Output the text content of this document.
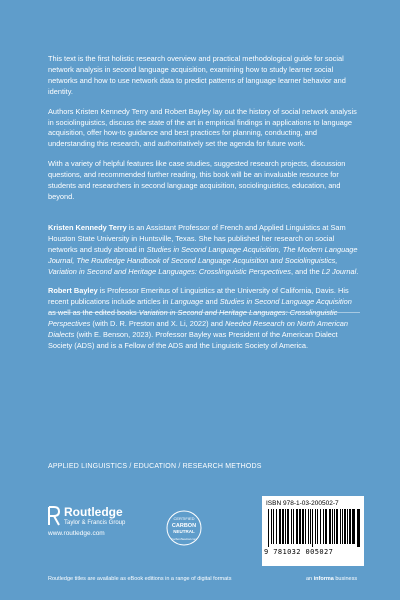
This text is the first holistic research overview and practical methodological guide for social network analysis in second language acquisition, examining how to study learner social networks and how to use network data to predict patterns of language learner behavior and identity.

Authors Kristen Kennedy Terry and Robert Bayley lay out the history of social network analysis in sociolinguistics, discuss the state of the art in empirical findings in applications to language acquisition, offer how-to guidance and best practices for planning, conducting, and understanding this research, and authoritatively set the agenda for future work.

With a variety of helpful features like case studies, suggested research projects, discussion questions, and recommended further reading, this book will be an invaluable resource for students and researchers in second language acquisition, sociolinguistics, education, and beyond.

Kristen Kennedy Terry is an Assistant Professor of French and Applied Linguistics at Sam Houston State University in Huntsville, Texas. She has published her research on social networks and study abroad in Studies in Second Language Acquisition, The Modern Language Journal, The Routledge Handbook of Second Language Acquisition and Sociolinguistics, Variation in Second and Heritage Languages: Crosslinguistic Perspectives, and the L2 Journal.

Robert Bayley is Professor Emeritus of Linguistics at the University of California, Davis. His recent publications include articles in Language and Studies in Second Language Acquisition as well as the edited books Variation in Second and Heritage Languages: Crosslinguistic Perspectives (with D. R. Preston and X. Li, 2022) and Needed Research on North American Dialects (with E. Benson, 2023). Professor Bayley was President of the American Dialect Society (ADS) and is a Fellow of the ADS and the Linguistic Society of America.

APPLIED LINGUISTICS / EDUCATION / RESEARCH METHODS
Routledge
Taylor & Francis Group
www.routledge.com
CERTIFIED
CARBON
NEUTRAL
CarbonNeutral.com
ISBN 978-1-03-200502-7
9 781032 005027
Routledge titles are available as eBook editions in a range of digital formats	an informa business
